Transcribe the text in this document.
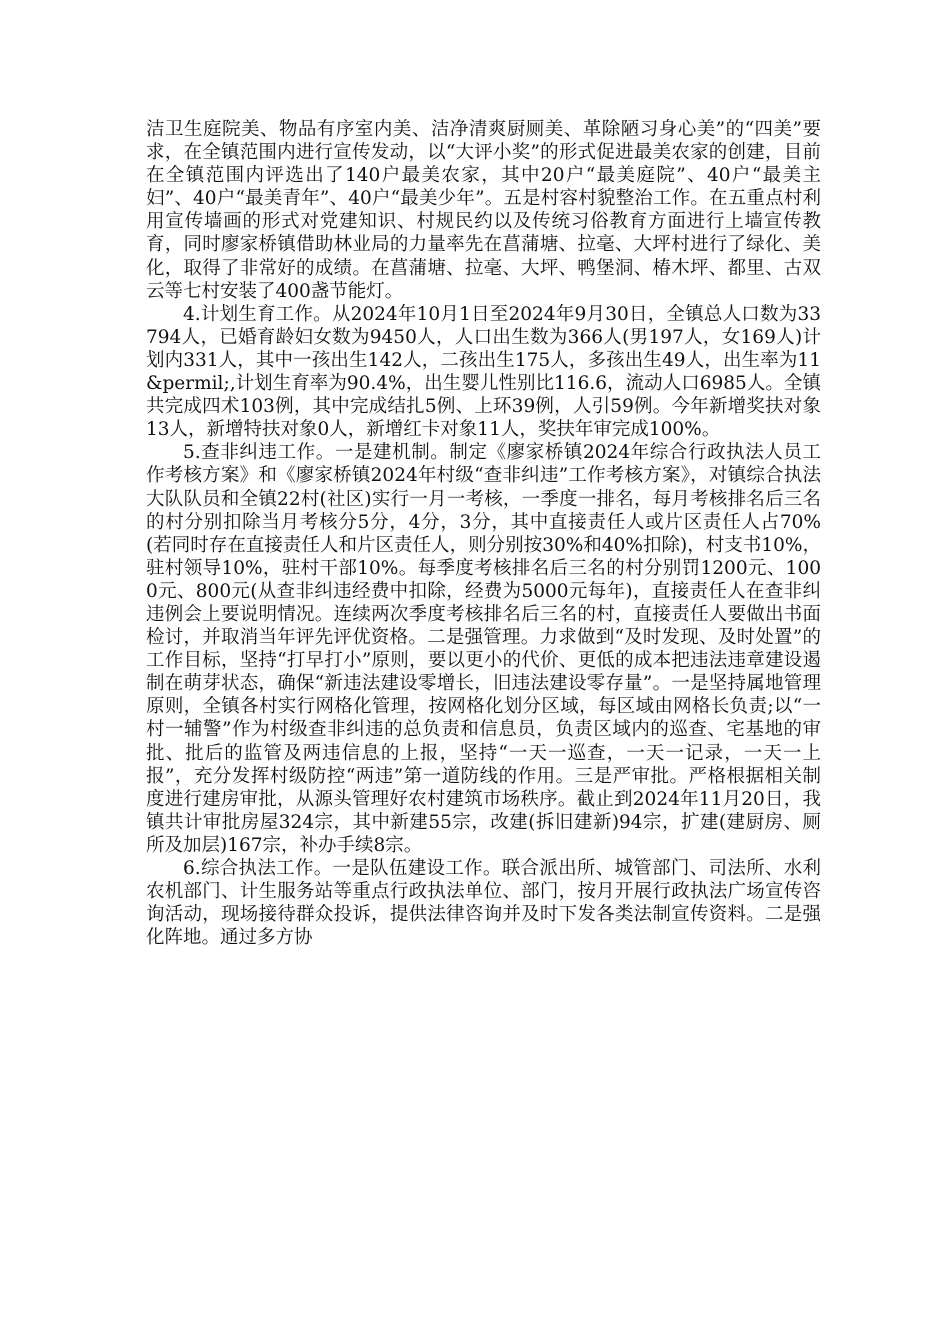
洁卫生庭院美、物品有序室内美、洁净清爽厨厕美、革除陋习身心美”的“四美”要求，在全镇范围内进行宣传发动，以“大评小奖”的形式促进最美农家的创建，目前在全镇范围内评选出了140户最美农家，其中20户“最美庭院”、40户“最美主妇”、40户“最美青年”、40户“最美少年”。五是村容村貌整治工作。在五重点村利用宣传墙画的形式对党建知识、村规民约以及传统习俗教育方面进行上墙宣传教育，同时廖家桥镇借助林业局的力量率先在菖蒲塘、拉毫、大坪村进行了绿化、美化，取得了非常好的成绩。在菖蒲塘、拉毫、大坪、鸭堡洞、椿木坪、都里、古双云等七村安装了400盏节能灯。

4.计划生育工作。从2024年10月1日至2024年9月30日，全镇总人口数为33794人，已婚育龄妇女数为9450人，人口出生数为366人(男197人，女169人)计划内331人，其中一孩出生142人，二孩出生175人，多孩出生49人，出生率为11&permil;,计划生育率为90.4%，出生婴儿性别比116.6，流动人口6985人。全镇共完成四术103例，其中完成结扎5例、上环39例，人引59例。今年新增奖扶对象13人，新增特扶对象0人，新增红卡对象11人，奖扶年审完成100%。

5.查非纠违工作。一是建机制。制定《廖家桥镇2024年综合行政执法人员工作考核方案》和《廖家桥镇2024年村级“查非纠违”工作考核方案》，对镇综合执法大队队员和全镇22村(社区)实行一月一考核，一季度一排名，每月考核排名后三名的村分别扣除当月考核分5分，4分，3分，其中直接责任人或片区责任人占70%(若同时存在直接责任人和片区责任人，则分别按30%和40%扣除)，村支书10%，驻村领导10%，驻村干部10%。每季度考核排名后三名的村分别罚1200元、1000元、800元(从查非纠违经费中扣除，经费为5000元每年)，直接责任人在查非纠违例会上要说明情况。连续两次季度考核排名后三名的村，直接责任人要做出书面检讨，并取消当年评先评优资格。二是强管理。力求做到“及时发现、及时处置”的工作目标，坚持“打早打小”原则，要以更小的代价、更低的成本把违法违章建设遏制在萌芽状态，确保“新违法建设零增长，旧违法建设零存量”。一是坚持属地管理原则，全镇各村实行网格化管理，按网格化划分区域，每区域由网格长负责;以“一村一辅警”作为村级查非纠违的总负责和信息员，负责区域内的巡查、宅基地的审批、批后的监管及两违信息的上报，坚持“一天一巡查，一天一记录，一天一上报”，充分发挥村级防控“两违”第一道防线的作用。三是严审批。严格根据相关制度进行建房审批，从源头管理好农村建筑市场秩序。截止到2024年11月20日，我镇共计审批房屋324宗，其中新建55宗，改建(拆旧建新)94宗，扩建(建厨房、厕所及加层)167宗，补办手续8宗。

6.综合执法工作。一是队伍建设工作。联合派出所、城管部门、司法所、水利农机部门、计生服务站等重点行政执法单位、部门，按月开展行政执法广场宣传咨询活动，现场接待群众投诉，提供法律咨询并及时下发各类法制宣传资料。二是强化阵地。通过多方协
